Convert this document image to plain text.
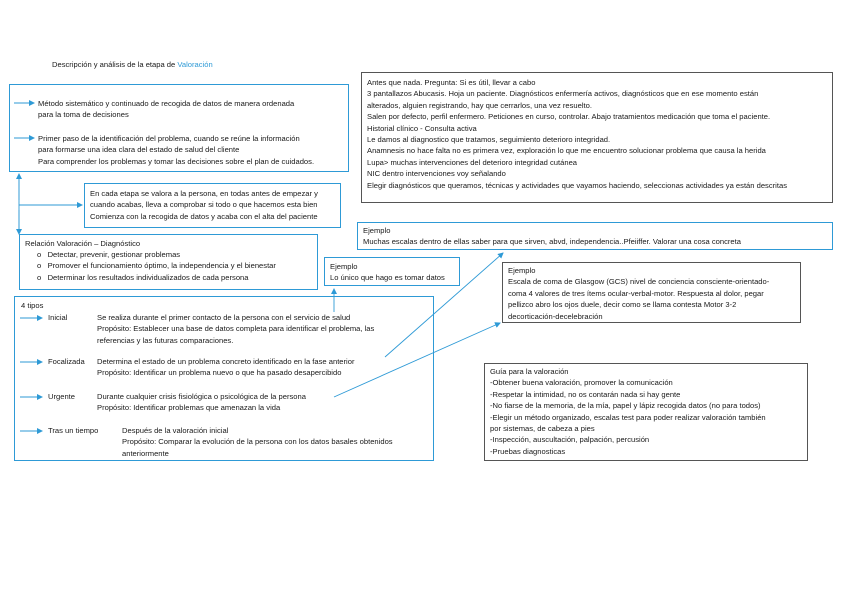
Descripción y análisis de la etapa de Valoración
Método sistemático y continuado de recogida de datos de manera ordenada
para la toma de decisiones
Primer paso de la identificación del problema, cuando se reúne la información
para formarse una idea clara del estado de salud del cliente
Para comprender los problemas y tomar las decisiones sobre el plan de cuidados.
En cada etapa se valora a la persona, en todas antes de empezar y
cuando acabas, lleva a comprobar si todo o que hacemos esta bien
Comienza con la recogida de datos y acaba con el alta del paciente
Relación Valoración – Diagnóstico
o   Detectar, prevenir, gestionar problemas
o   Promover el funcionamiento óptimo, la independencia y el bienestar
o   Determinar los resultados individualizados de cada persona
Ejemplo
Lo único que hago es tomar datos
4 tipos
Inicial	Se realiza durante el primer contacto de la persona con el servicio de salud
Propósito: Establecer una base de datos completa para identificar el problema, las
referencias y las futuras comparaciones.
Focalizada Determina el estado de un problema concreto identificado en la fase anterior
Propósito: Identificar un problema nuevo o que ha pasado desapercibido
Urgente	Durante cualquier crisis fisiológica o psicológica de la persona
Propósito: Identificar problemas que amenazan la vida
Tras un tiempo	Después de la valoración inicial
Propósito: Comparar la evolución de la persona con los datos basales obtenidos
anteriormente
Antes que nada. Pregunta: Si es útil, llevar a cabo
3 pantallazos Abucasis. Hoja un paciente. Diagnósticos enfermería activos, diagnósticos que en ese momento están
alterados, alguien registrando, hay que cerrarlos, una vez resuelto.
Salen por defecto, perfil enfermero. Peticiones en curso, controlar. Abajo tratamientos medicación que toma el paciente.
Historial clínico - Consulta activa
Le damos al diagnostico que tratamos, seguimiento deterioro integridad.
Anamnesis no hace falta no es primera vez, exploración lo que me encuentro solucionar problema que causa la herida
Lupa> muchas intervenciones del deterioro integridad cutánea
NIC dentro intervenciones voy señalando
Elegir diagnósticos que queramos, técnicas y actividades que vayamos haciendo, seleccionas actividades ya están descritas
Ejemplo
Muchas escalas dentro de ellas saber para que sirven, abvd, independencia..Pfeiiffer. Valorar una cosa concreta
Ejemplo
Escala de coma de Glasgow (GCS) nivel de conciencia consciente-orientado-
coma 4 valores de tres ítems ocular-verbal-motor. Respuesta al dolor, pegar
pellizco abro los ojos duele, decir como se llama contesta Motor 3-2
decorticación-decelebración
Guía para la valoración
-Obtener buena valoración, promover la comunicación
-Respetar la intimidad, no os contarán nada si hay gente
-No fiarse de la memoria, de la mía, papel y lápiz recogida datos (no para todos)
-Elegir un método organizado, escalas test para poder realizar valoración también
por sistemas, de cabeza a pies
-Inspección, auscultación, palpación, percusión
-Pruebas diagnosticas
